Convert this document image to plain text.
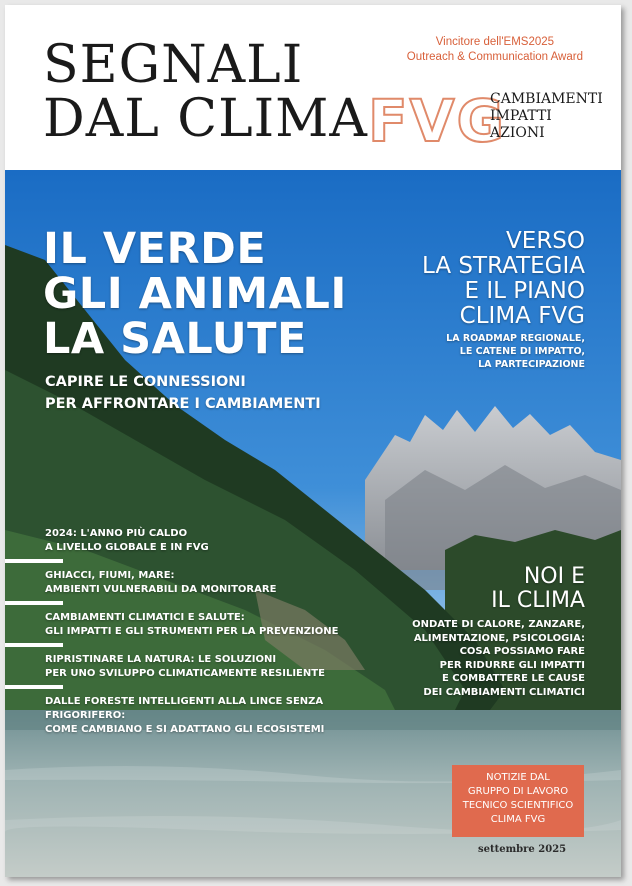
SEGNALI
DAL CLIMA FVG
CAMBIAMENTI
IMPATTI
AZIONI
Vincitore dell'EMS2025
Outreach & Communication Award
IL VERDE
GLI ANIMALI
LA SALUTE
CAPIRE LE CONNESSIONI
PER AFFRONTARE I CAMBIAMENTI
VERSO
LA STRATEGIA
E IL PIANO
CLIMA FVG
LA ROADMAP REGIONALE,
LE CATENE DI IMPATTO,
LA PARTECIPAZIONE
NOI E
IL CLIMA
ONDATE DI CALORE, ZANZARE,
ALIMENTAZIONE, PSICOLOGIA:
COSA POSSIAMO FARE
PER RIDURRE GLI IMPATTI
E COMBATTERE LE CAUSE
DEI CAMBIAMENTI CLIMATICI
2024: L'ANNO PIÙ CALDO
A LIVELLO GLOBALE E IN FVG
GHIACCI, FIUMI, MARE:
AMBIENTI VULNERABILI DA MONITORARE
CAMBIAMENTI CLIMATICI E SALUTE:
GLI IMPATTI E GLI STRUMENTI PER LA PREVENZIONE
RIPRISTINARE LA NATURA: LE SOLUZIONI
PER UNO SVILUPPO CLIMATICAMENTE RESILIENTE
DALLE FORESTE INTELLIGENTI ALLA LINCE SENZA FRIGORIFERO:
COME CAMBIANO E SI ADATTANO GLI ECOSISTEMI
NOTIZIE DAL
GRUPPO DI LAVORO
TECNICO SCIENTIFICO
CLIMA FVG
settembre 2025
